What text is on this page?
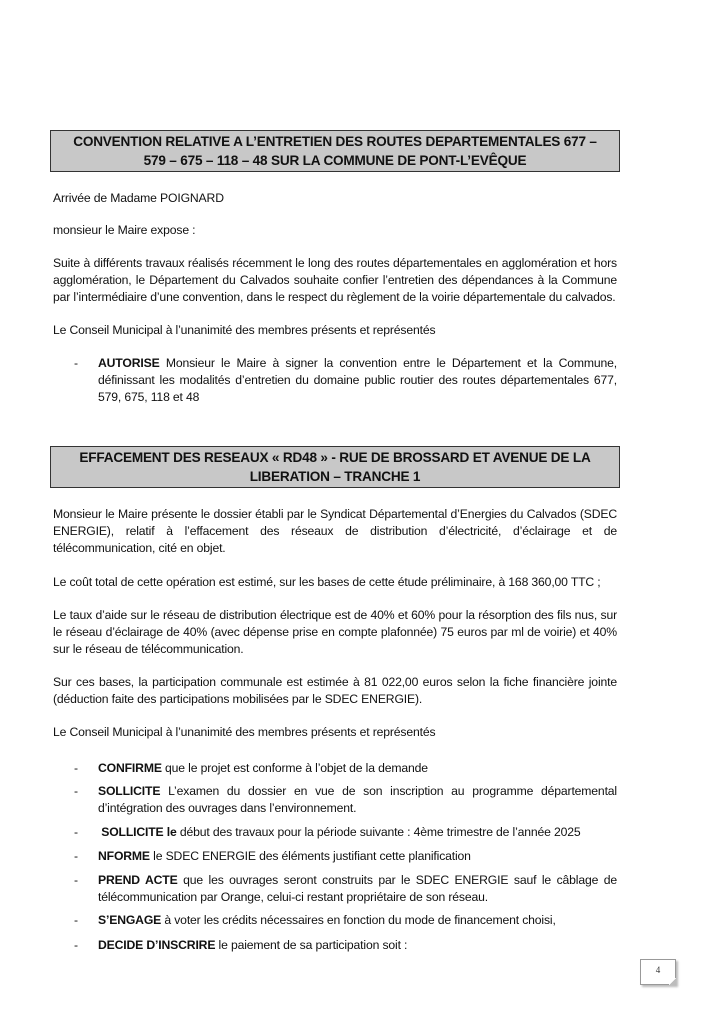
CONVENTION RELATIVE A L’ENTRETIEN DES ROUTES DEPARTEMENTALES 677 –
579 – 675 – 118 – 48 SUR LA COMMUNE DE PONT-L’EVÊQUE

Arrivée de Madame POIGNARD

monsieur le Maire expose :

Suite à différents travaux réalisés récemment le long des routes départementales en agglomération et hors
agglomération, le Département du Calvados souhaite confier l’entretien des dépendances à la Commune
par l’intermédiaire d’une convention, dans le respect du règlement de la voirie départementale du calvados.

Le Conseil Municipal à l’unanimité des membres présents et représentés

- AUTORISE Monsieur le Maire à signer la convention entre le Département et la Commune,
définissant les modalités d’entretien du domaine public routier des routes départementales 677,
579, 675, 118 et 48
EFFACEMENT DES RESEAUX « RD48 » - RUE DE BROSSARD ET AVENUE DE LA
LIBERATION – TRANCHE 1

Monsieur le Maire présente le dossier établi par le Syndicat Départemental d’Energies du Calvados (SDEC
ENERGIE), relatif à l’effacement des réseaux de distribution d’électricité, d’éclairage et de
télécommunication, cité en objet.

Le coût total de cette opération est estimé, sur les bases de cette étude préliminaire, à 168 360,00 TTC ;

Le taux d’aide sur le réseau de distribution électrique est de 40% et 60% pour la résorption des fils nus, sur
le réseau d’éclairage de 40% (avec dépense prise en compte plafonnée) 75 euros par ml de voirie) et 40%
sur le réseau de télécommunication.

Sur ces bases, la participation communale est estimée à 81 022,00 euros selon la fiche financière jointe
(déduction faite des participations mobilisées par le SDEC ENERGIE).

Le Conseil Municipal à l’unanimité des membres présents et représentés

- CONFIRME que le projet est conforme à l’objet de la demande
- SOLLICITE L’examen du dossier en vue de son inscription au programme départemental
d’intégration des ouvrages dans l’environnement.
- SOLLICITE le début des travaux pour la période suivante : 4ème trimestre de l’année 2025
- NFORME le SDEC ENERGIE des éléments justifiant cette planification
- PREND ACTE que les ouvrages seront construits par le SDEC ENERGIE sauf le câblage de
télécommunication par Orange, celui-ci restant propriétaire de son réseau.
- S’ENGAGE à voter les crédits nécessaires en fonction du mode de financement choisi,
- DECIDE D’INSCRIRE le paiement de sa participation soit :
4
